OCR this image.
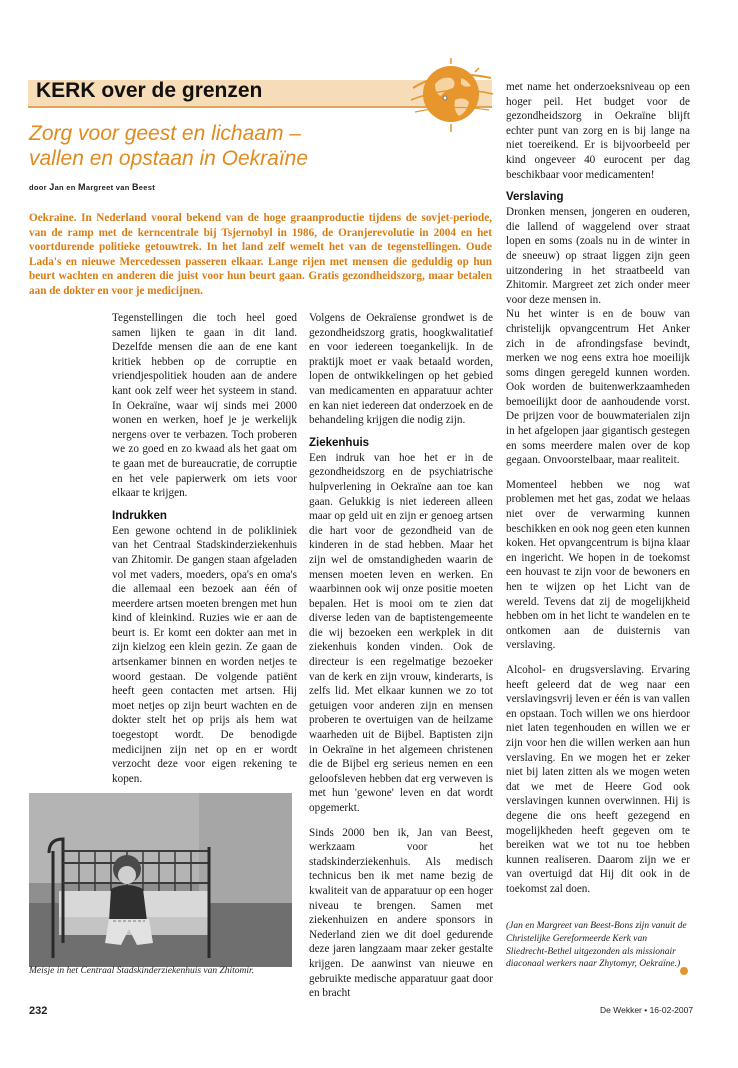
KERK over de grenzen
Zorg voor geest en lichaam –
vallen en opstaan in Oekraïne
door Jan en Margreet van Beest
Oekraïne. In Nederland vooral bekend van de hoge graanproductie tijdens de sovjet-periode, van de ramp met de kerncentrale bij Tsjernobyl in 1986, de Oranjerevolutie in 2004 en het voortdurende politieke getouwtrek. In het land zelf wemelt het van de tegenstellingen. Oude Lada's en nieuwe Mercedessen passeren elkaar. Lange rijen met mensen die geduldig op hun beurt wachten en anderen die juist voor hun beurt gaan. Gratis gezondheidszorg, maar betalen aan de dokter en voor je medicijnen.

Tegenstellingen die toch heel goed samen lijken te gaan in dit land. Dezelfde mensen die aan de ene kant kritiek hebben op de corruptie en vriendjespolitiek houden aan de andere kant ook zelf weer het systeem in stand. In Oekraïne, waar wij sinds mei 2000 wonen en werken, hoef je je werkelijk nergens over te verbazen. Toch proberen we zo goed en zo kwaad als het gaat om te gaan met de bureaucratie, de corruptie en het vele papierwerk om iets voor elkaar te krijgen.

Indrukken

Een gewone ochtend in de polikliniek van het Centraal Stadskinderziekenhuis van Zhitomir. De gangen staan afgeladen vol met vaders, moeders, opa's en oma's die allemaal een bezoek aan één of meerdere artsen moeten brengen met hun kind of kleinkind. Ruzies wie er aan de beurt is. Er komt een dokter aan met in zijn kielzog een klein gezin. Ze gaan de artsenkamer binnen en worden netjes te woord gestaan. De volgende patiënt heeft geen contacten met artsen. Hij moet netjes op zijn beurt wachten en de dokter stelt het op prijs als hem wat toegestopt wordt. De benodigde medicijnen zijn net op en er wordt verzocht deze voor eigen rekening te kopen.

Volgens de Oekraïense grondwet is de gezondheidszorg gratis, hoogkwalitatief en voor iedereen toegankelijk. In de praktijk moet er vaak betaald worden, lopen de ontwikkelingen op het gebied van medicamenten en apparatuur achter en kan niet iedereen dat onderzoek en de behandeling krijgen die nodig zijn.

Ziekenhuis

Een indruk van hoe het er in de gezondheidszorg en de psychiatrische hulpverlening in Oekraïne aan toe kan gaan. Gelukkig is niet iedereen alleen maar op geld uit en zijn er genoeg artsen die hart voor de gezondheid van de kinderen in de stad hebben. Maar het zijn wel de omstandigheden waarin de mensen moeten leven en werken. En waarbinnen ook wij onze positie moeten bepalen. Het is mooi om te zien dat diverse leden van de baptistengemeente die wij bezoeken een werkplek in dit ziekenhuis konden vinden. Ook de directeur is een regelmatige bezoeker van de kerk en zijn vrouw, kinderarts, is zelfs lid. Met elkaar kunnen we zo tot getuigen voor anderen zijn en mensen proberen te overtuigen van de heilzame waarheden uit de Bijbel. Baptisten zijn in Oekraïne in het algemeen christenen die de Bijbel erg serieus nemen en een geloofsleven hebben dat erg verweven is met hun 'gewone' leven en dat wordt opgemerkt.

Sinds 2000 ben ik, Jan van Beest, werkzaam voor het stadskinderziekenhuis. Als medisch technicus ben ik met name bezig de kwaliteit van de apparatuur op een hoger niveau te brengen. Samen met ziekenhuizen en andere sponsors in Nederland zien we dit doel gedurende deze jaren langzaam maar zeker gestalte krijgen. De aanwinst van nieuwe en gebruikte medische apparatuur gaat door en bracht

met name het onderzoeksniveau op een hoger peil. Het budget voor de gezondheidszorg in Oekraïne blijft echter punt van zorg en is bij lange na niet toereikend. Er is bijvoorbeeld per kind ongeveer 40 eurocent per dag beschikbaar voor medicamenten!

Verslaving

Dronken mensen, jongeren en ouderen, die lallend of waggelend over straat lopen en soms (zoals nu in de winter in de sneeuw) op straat liggen zijn geen uitzondering in het straatbeeld van Zhitomir. Margreet zet zich onder meer voor deze mensen in.

Nu het winter is en de bouw van christelijk opvangcentrum Het Anker zich in de afrondingsfase bevindt, merken we nog eens extra hoe moeilijk soms dingen geregeld kunnen worden. Ook worden de buitenwerkzaamheden bemoeilijkt door de aanhoudende vorst. De prijzen voor de bouwmaterialen zijn in het afgelopen jaar gigantisch gestegen en soms meerdere malen over de kop gegaan. Onvoorstelbaar, maar realiteit.

Momenteel hebben we nog wat problemen met het gas, zodat we helaas niet over de verwarming kunnen beschikken en ook nog geen eten kunnen koken. Het opvangcentrum is bijna klaar en ingericht. We hopen in de toekomst een houvast te zijn voor de bewoners en hen te wijzen op het Licht van de wereld. Tevens dat zij de mogelijkheid hebben om in het licht te wandelen en te ontkomen aan de duisternis van verslaving.

Alcohol- en drugsverslaving. Ervaring heeft geleerd dat de weg naar een verslavingsvrij leven er één is van vallen en opstaan. Toch willen we ons hierdoor niet laten tegenhouden en willen we er zijn voor hen die willen werken aan hun verslaving. En we mogen het er zeker niet bij laten zitten als we mogen weten dat we met de Heere God ook verslavingen kunnen overwinnen. Hij is degene die ons heeft gezegend en mogelijkheden heeft gegeven om te bereiken wat we tot nu toe hebben kunnen realiseren. Daarom zijn we er van overtuigd dat Hij dit ook in de toekomst zal doen.

Meisje in het Centraal Stadskinderziekenhuis van Zhitomir.
(Jan en Margreet van Beest-Bons zijn vanuit de Christelijke Gereformeerde Kerk van Sliedrecht-Bethel uitgezonden als missionair diaconaal werkers naar Zhytomyr, Oekraïne.)
232	De Wekker • 16-02-2007
